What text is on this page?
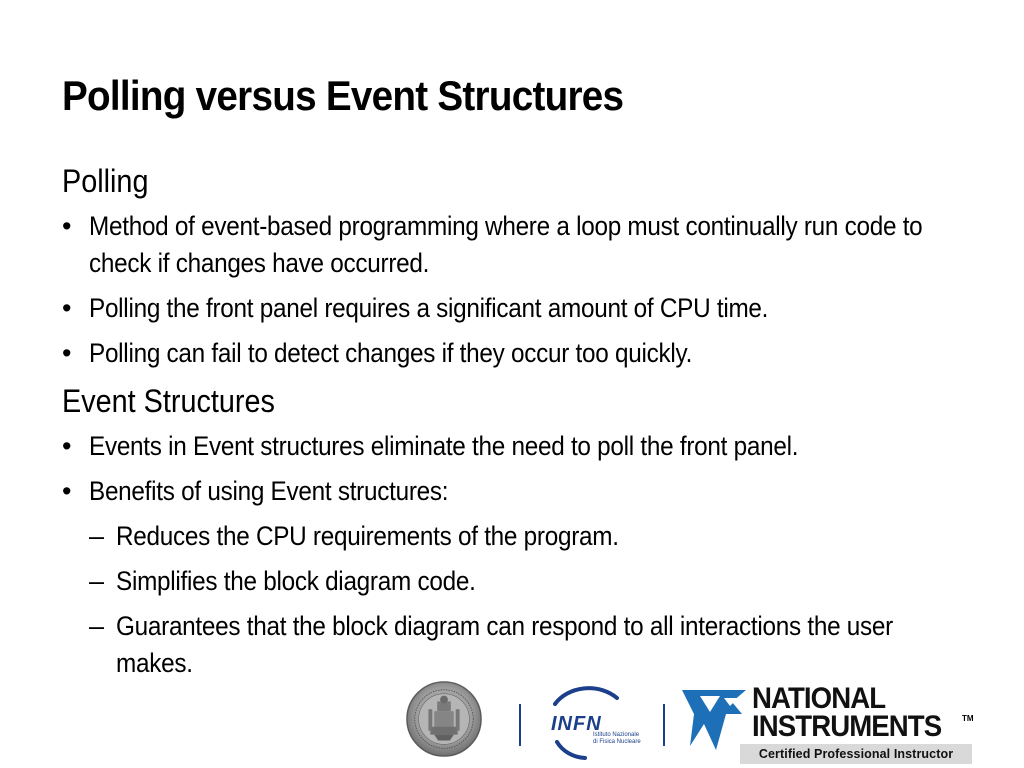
Polling versus Event Structures
Polling
• Method of event-based programming where a loop must continually run code to check if changes have occurred.
• Polling the front panel requires a significant amount of CPU time.
• Polling can fail to detect changes if they occur too quickly.
Event Structures
• Events in Event structures eliminate the need to poll the front panel.
• Benefits of using Event structures:
– Reduces the CPU requirements of the program.
– Simplifies the block diagram code.
– Guarantees that the block diagram can respond to all interactions the user makes.
INFN
Istituto Nazionale
di Fisica Nucleare
NATIONAL
INSTRUMENTS	TM
Certified Professional Instructor
